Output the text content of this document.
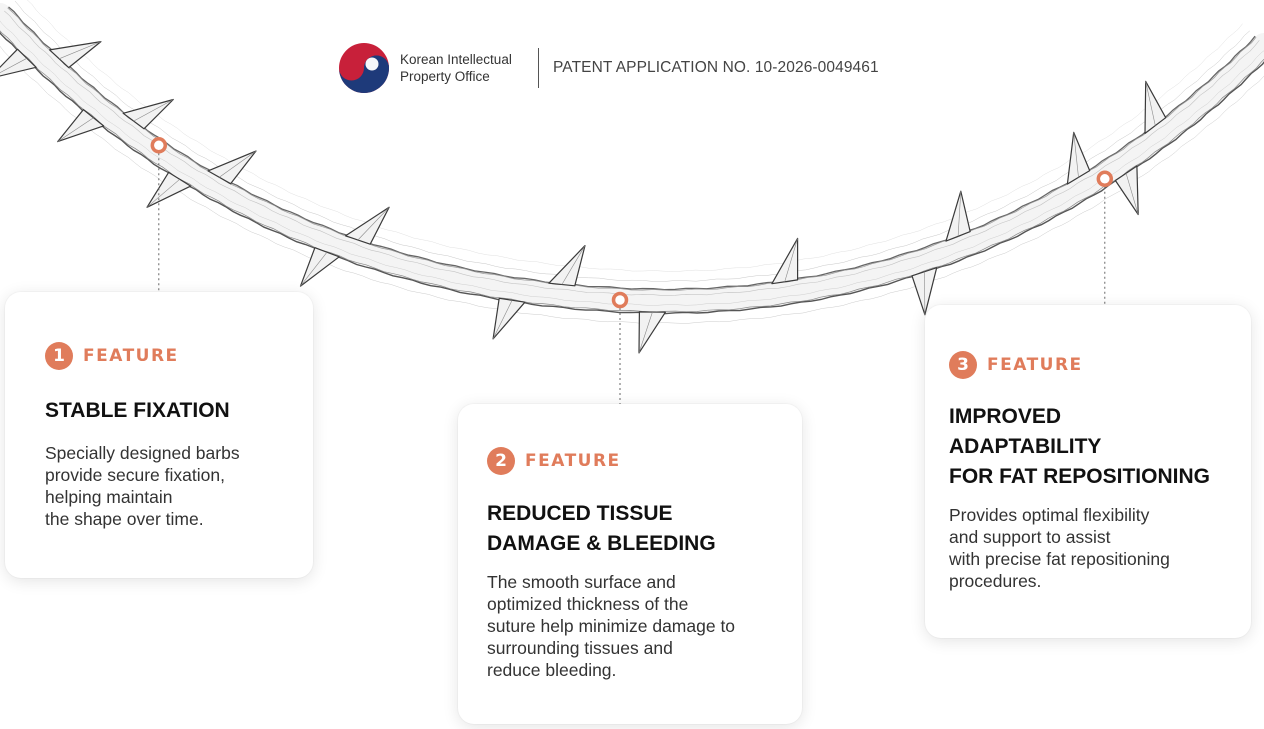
Korean Intellectual
Property Office
PATENT APPLICATION NO. 10-2026-0049461
1	FEATURE
STABLE FIXATION
Specially designed barbs
provide secure fixation,
helping maintain
the shape over time.
2	FEATURE
REDUCED TISSUE
DAMAGE & BLEEDING
The smooth surface and
optimized thickness of the
suture help minimize damage to
surrounding tissues and
reduce bleeding.
3	FEATURE
IMPROVED
ADAPTABILITY
FOR FAT REPOSITIONING
Provides optimal flexibility
and support to assist
with precise fat repositioning
procedures.
